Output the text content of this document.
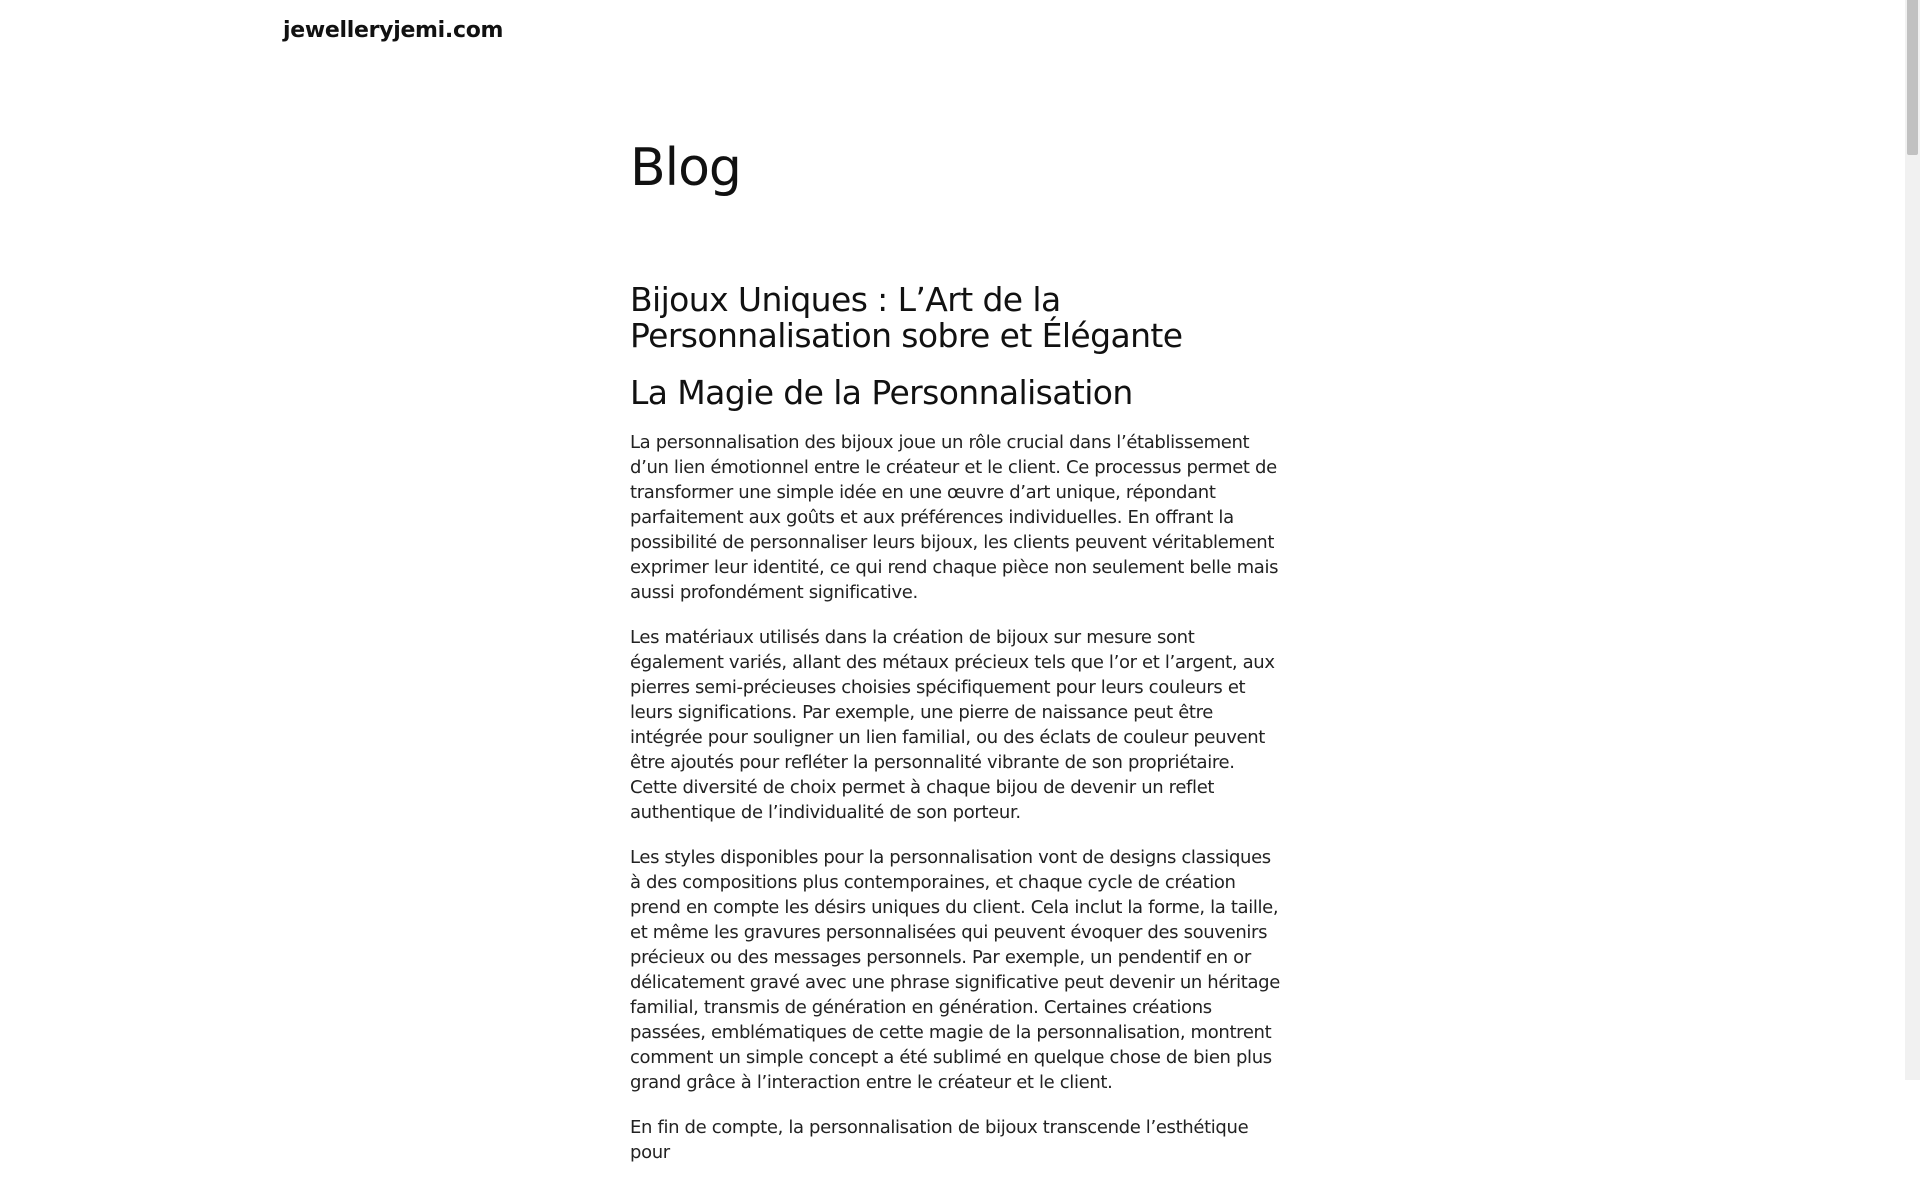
jewelleryjemi.com
Blog
Bijoux Uniques : L’Art de la Personnalisation sobre et Élégante
La Magie de la Personnalisation

La personnalisation des bijoux joue un rôle crucial dans l’établissement d’un lien émotionnel entre le créateur et le client. Ce processus permet de transformer une simple idée en une œuvre d’art unique, répondant parfaitement aux goûts et aux préférences individuelles. En offrant la possibilité de personnaliser leurs bijoux, les clients peuvent véritablement exprimer leur identité, ce qui rend chaque pièce non seulement belle mais aussi profondément significative.

Les matériaux utilisés dans la création de bijoux sur mesure sont également variés, allant des métaux précieux tels que l’or et l’argent, aux pierres semi-précieuses choisies spécifiquement pour leurs couleurs et leurs significations. Par exemple, une pierre de naissance peut être intégrée pour souligner un lien familial, ou des éclats de couleur peuvent être ajoutés pour refléter la personnalité vibrante de son propriétaire. Cette diversité de choix permet à chaque bijou de devenir un reflet authentique de l’individualité de son porteur.

Les styles disponibles pour la personnalisation vont de designs classiques à des compositions plus contemporaines, et chaque cycle de création prend en compte les désirs uniques du client. Cela inclut la forme, la taille, et même les gravures personnalisées qui peuvent évoquer des souvenirs précieux ou des messages personnels. Par exemple, un pendentif en or délicatement gravé avec une phrase significative peut devenir un héritage familial, transmis de génération en génération. Certaines créations passées, emblématiques de cette magie de la personnalisation, montrent comment un simple concept a été sublimé en quelque chose de bien plus grand grâce à l’interaction entre le créateur et le client.

En fin de compte, la personnalisation de bijoux transcende l’esthétique pour
